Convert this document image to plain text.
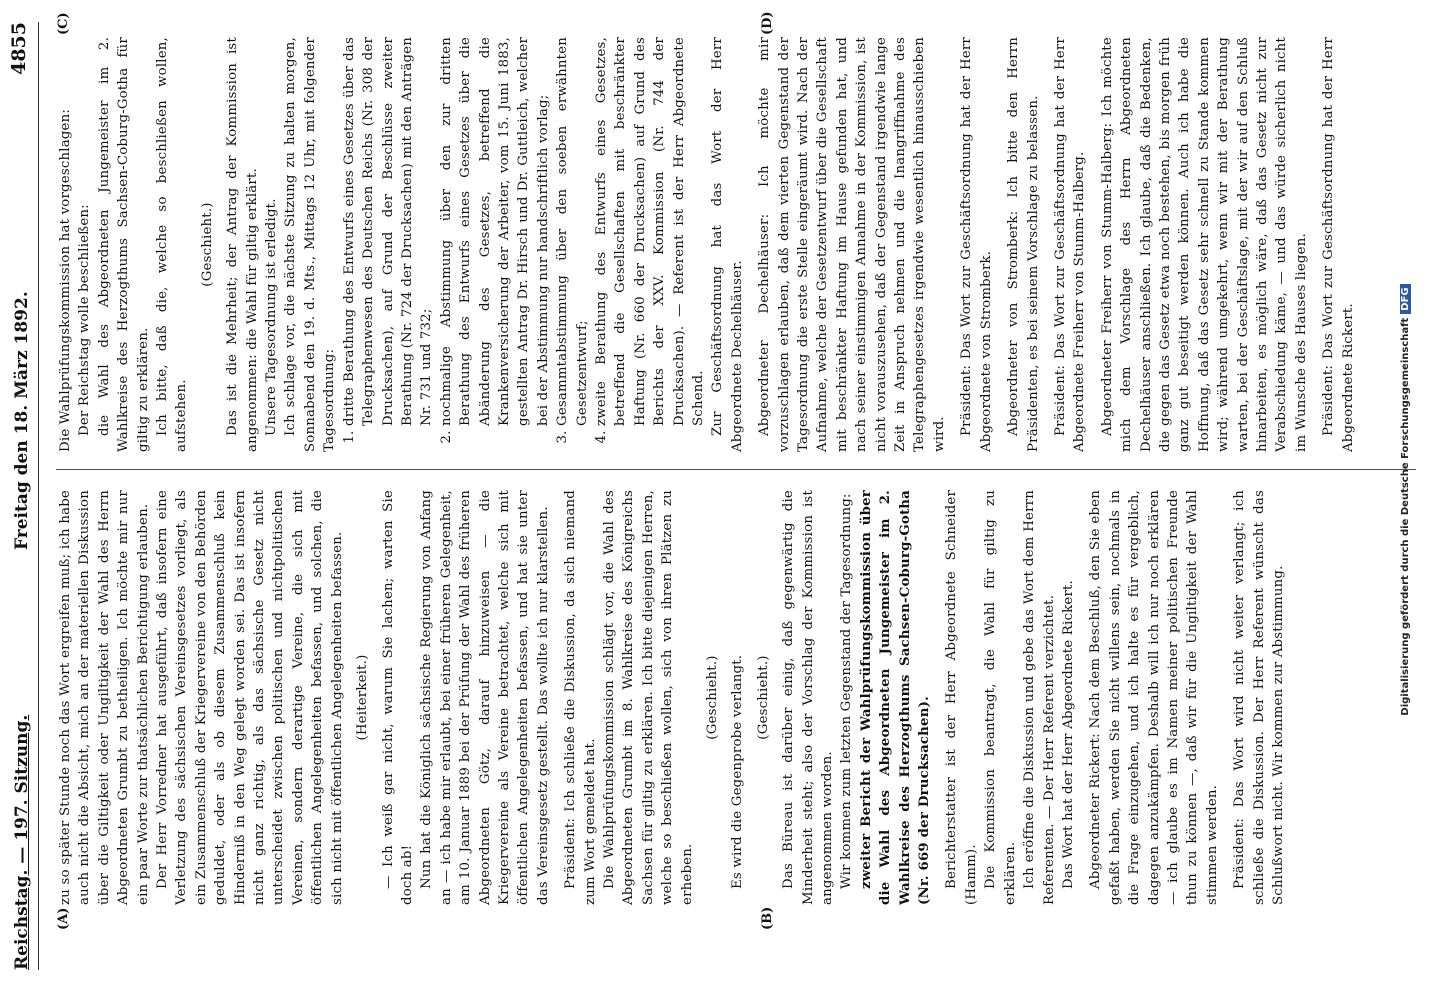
Reichstag. — 197. Sitzung.
Freitag den 18. März 1892.
4855
(A)	(B)
(C)	(D)

zu so später Stunde noch das Wort ergreifen muß; ich habe auch nicht die Absicht, mich an der materiellen Diskussion über die Giltigkeit oder Ungiltigkeit der Wahl des Herrn Abgeordneten Grumbt zu betheiligen. Ich möchte mir nur ein paar Worte zur thatsächlichen Berichtigung erlauben. Der Herr Vorredner hat ausgeführt, daß insofern eine Verletzung des sächsischen Vereinsgesetzes vorliegt, als ein Zusammenschluß der Kriegervereine von den Behörden geduldet, oder als ob diesem Zusammenschluß kein Hinderniß in den Weg gelegt worden sei. Das ist insofern nicht ganz richtig, als das sächsische Gesetz nicht unterscheidet zwischen politischen und nichtpolitischen Vereinen, sondern derartige Vereine, die sich mit öffentlichen Angelegenheiten befassen, und solchen, die sich nicht mit öffentlichen Angelegenheiten befassen. (Heiterkeit.) — Ich weiß gar nicht, warum Sie lachen; warten Sie doch ab! Nun hat die Königlich sächsische Regierung von Anfang an — ich habe mir erlaubt, bei einer früheren Gelegenheit, am 10. Januar 1889 bei der Prüfung der Wahl des früheren Abgeordneten Götz, darauf hinzuweisen — die Kriegervereine als Vereine betrachtet, welche sich mit öffentlichen Angelegenheiten befassen, und hat sie unter das Vereinsgesetz gestellt. Das wollte ich nur klarstellen. Präsident: Ich schließe die Diskussion, da sich niemand zum Wort gemeldet hat. Die Wahlprüfungskommission schlägt vor, die Wahl des Abgeordneten Grumbt im 8. Wahlkreise des Königreichs Sachsen für giltig zu erklären. Ich bitte diejenigen Herren, welche so beschließen wollen, sich von ihren Plätzen zu erheben.

(Geschieht.) Es wird die Gegenprobe verlangt. (Geschieht.) Das Büreau ist darüber einig, daß gegenwärtig die Minderheit steht; also der Vorschlag der Kommission ist angenommen worden. Wir kommen zum letzten Gegenstand der Tagesordnung: zweiter Bericht der Wahlprüfungskommission über die Wahl des Abgeordneten Jungemeister im 2. Wahlkreise des Herzogthums Sachsen-Coburg-Gotha (Nr. 669 der Drucksachen). Berichterstatter ist der Herr Abgeordnete Schneider (Hamm). Die Kommission beantragt, die Wahl für giltig zu erklären. Ich eröffne die Diskussion und gebe das Wort dem Herrn Referenten. — Der Herr Referent verzichtet. Das Wort hat der Herr Abgeordnete Rickert. Abgeordneter Rickert: Nach dem Beschluß, den Sie eben gefaßt haben, werden Sie nicht willens sein, nochmals in die Frage einzugehen, und ich halte es für vergeblich, dagegen anzukämpfen. Deshalb will ich nur noch erklären — ich glaube es im Namen meiner politischen Freunde thun zu können —, daß wir für die Ungiltigkeit der Wahl stimmen werden. Präsident: Das Wort wird nicht weiter verlangt; ich schließe die Diskussion. Der Herr Referent wünscht das Schlußwort nicht. Wir kommen zur Abstimmung.

Die Wahlprüfungskommission hat vorgeschlagen: Der Reichstag wolle beschließen: die Wahl des Abgeordneten Jungemeister im 2. Wahlkreise des Herzogthums Sachsen-Coburg-Gotha für giltig zu erklären. Ich bitte, daß die, welche so beschließen wollen, aufstehen.

(Geschieht.) Das ist die Mehrheit; der Antrag der Kommission ist angenommen: die Wahl für giltig erklärt. Unsere Tagesordnung ist erledigt. Ich schlage vor, die nächste Sitzung zu halten morgen, Sonnabend den 19. d. Mts., Mittags 12 Uhr, mit folgender Tagesordnung: 1. dritte Berathung des Entwurfs eines Gesetzes über das Telegraphenwesen des Deutschen Reichs (Nr. 308 der Drucksachen), auf Grund der Beschlüsse zweiter Berathung (Nr. 724 der Drucksachen) mit den Anträgen Nr. 731 und 732; 2. nochmalige Abstimmung über den zur dritten Berathung des Entwurfs eines Gesetzes über die Abänderung des Gesetzes, betreffend die Krankenversicherung der Arbeiter, vom 15. Juni 1883, gestellten Antrag Dr. Hirsch und Dr. Guttleich, welcher bei der Abstimmung nur handschriftlich vorlag; 3. Gesammtabstimmung über den soeben erwähnten Gesetzentwurf; 4. zweite Berathung des Entwurfs eines Gesetzes, betreffend die Gesellschaften mit beschränkter Haftung (Nr. 660 der Drucksachen) auf Grund des Berichts der XXV. Kommission (Nr. 744 der Drucksachen). — Referent ist der Herr Abgeordnete Schend. Zur Geschäftsordnung hat das Wort der Herr Abgeordnete Dechelhäuser. Abgeordneter Dechelhäuser: Ich möchte mir vorzuschlagen erlauben, daß dem vierten Gegenstand der Tagesordnung die erste Stelle eingeräumt wird. Nach der Aufnahme, welche der Gesetzentwurf über die Gesellschaft mit beschränkter Haftung im Hause gefunden hat, und nach seiner einstimmigen Annahme in der Kommission, ist nicht vorauszusehen, daß der Gegenstand irgendwie lange Zeit in Anspruch nehmen und die Inangriffnahme des Telegraphengesetzes irgendwie wesentlich hinausschieben wird. Präsident: Das Wort zur Geschäftsordnung hat der Herr Abgeordnete von Stromberk. Abgeordneter von Stromberk: Ich bitte den Herrn Präsidenten, es bei seinem Vorschlage zu belassen. Präsident: Das Wort zur Geschäftsordnung hat der Herr Abgeordnete Freiherr von Stumm-Halberg. Abgeordneter Freiherr von Stumm-Halberg: Ich möchte mich dem Vorschlage des Herrn Abgeordneten Dechelhäuser anschließen. Ich glaube, daß die Bedenken, die gegen das Gesetz etwa noch bestehen, bis morgen früh ganz gut beseitigt werden können. Auch ich habe die Hoffnung, daß das Gesetz sehr schnell zu Stande kommen wird; während umgekehrt, wenn wir mit der Berathung warten, bei der Geschäftslage, mit der wir auf den Schluß hinarbeiten, es möglich wäre, daß das Gesetz nicht zur Verabschiedung käme, — und das würde sicherlich nicht im Wunsche des Hauses liegen. Präsident: Das Wort zur Geschäftsordnung hat der Herr Abgeordnete Rickert.	Digitalisierung gefördert durch die Deutsche ForschungsgemeinschaftDFG
